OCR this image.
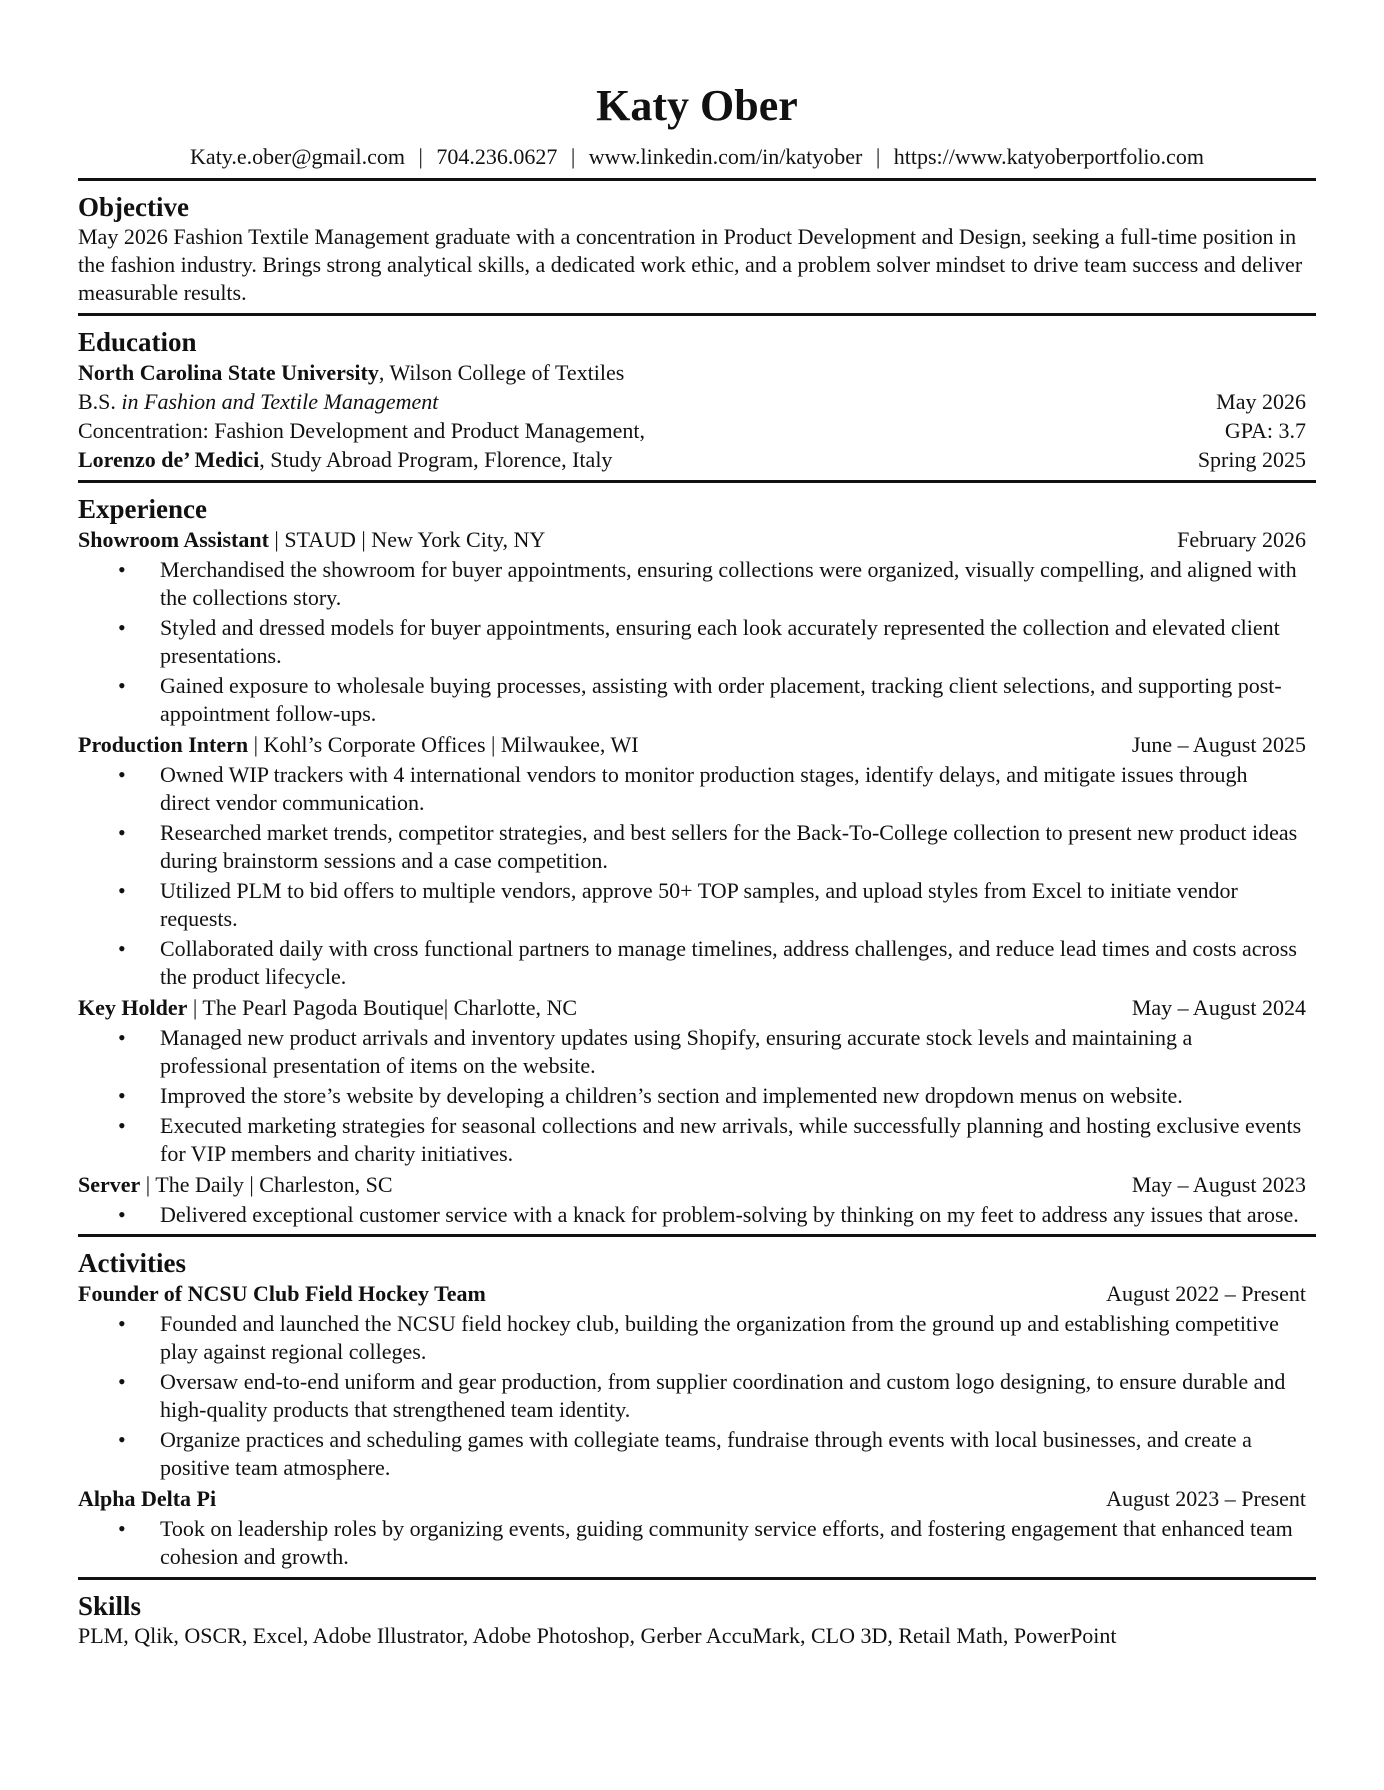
Katy Ober
Katy.e.ober@gmail.com | 704.236.0627 | www.linkedin.com/in/katyober | https://www.katyoberportfolio.com
Objective
May 2026 Fashion Textile Management graduate with a concentration in Product Development and Design, seeking a full-time position in the fashion industry. Brings strong analytical skills, a dedicated work ethic, and a problem solver mindset to drive team success and deliver measurable results.
Education
North Carolina State University, Wilson College of Textiles
B.S. in Fashion and Textile Management	May 2026
Concentration: Fashion Development and Product Management,	GPA: 3.7
Lorenzo de’ Medici, Study Abroad Program, Florence, Italy	Spring 2025
Experience
Showroom Assistant | STAUD | New York City, NY	February 2026
• Merchandised the showroom for buyer appointments, ensuring collections were organized, visually compelling, and aligned with the collections story.
• Styled and dressed models for buyer appointments, ensuring each look accurately represented the collection and elevated client presentations.
• Gained exposure to wholesale buying processes, assisting with order placement, tracking client selections, and supporting post-appointment follow-ups.
Production Intern | Kohl’s Corporate Offices | Milwaukee, WI	June – August 2025
• Owned WIP trackers with 4 international vendors to monitor production stages, identify delays, and mitigate issues through direct vendor communication.
• Researched market trends, competitor strategies, and best sellers for the Back-To-College collection to present new product ideas during brainstorm sessions and a case competition.
• Utilized PLM to bid offers to multiple vendors, approve 50+ TOP samples, and upload styles from Excel to initiate vendor requests.
• Collaborated daily with cross functional partners to manage timelines, address challenges, and reduce lead times and costs across the product lifecycle.
Key Holder | The Pearl Pagoda Boutique| Charlotte, NC	May – August 2024
• Managed new product arrivals and inventory updates using Shopify, ensuring accurate stock levels and maintaining a professional presentation of items on the website.
• Improved the store’s website by developing a children’s section and implemented new dropdown menus on website.
• Executed marketing strategies for seasonal collections and new arrivals, while successfully planning and hosting exclusive events for VIP members and charity initiatives.
Server | The Daily | Charleston, SC	May – August 2023
• Delivered exceptional customer service with a knack for problem-solving by thinking on my feet to address any issues that arose.
Activities
Founder of NCSU Club Field Hockey Team	August 2022 – Present
• Founded and launched the NCSU field hockey club, building the organization from the ground up and establishing competitive play against regional colleges.
• Oversaw end-to-end uniform and gear production, from supplier coordination and custom logo designing, to ensure durable and high-quality products that strengthened team identity.
• Organize practices and scheduling games with collegiate teams, fundraise through events with local businesses, and create a positive team atmosphere.
Alpha Delta Pi	August 2023 – Present
• Took on leadership roles by organizing events, guiding community service efforts, and fostering engagement that enhanced team cohesion and growth.
Skills
PLM, Qlik, OSCR, Excel, Adobe Illustrator, Adobe Photoshop, Gerber AccuMark, CLO 3D, Retail Math, PowerPoint
